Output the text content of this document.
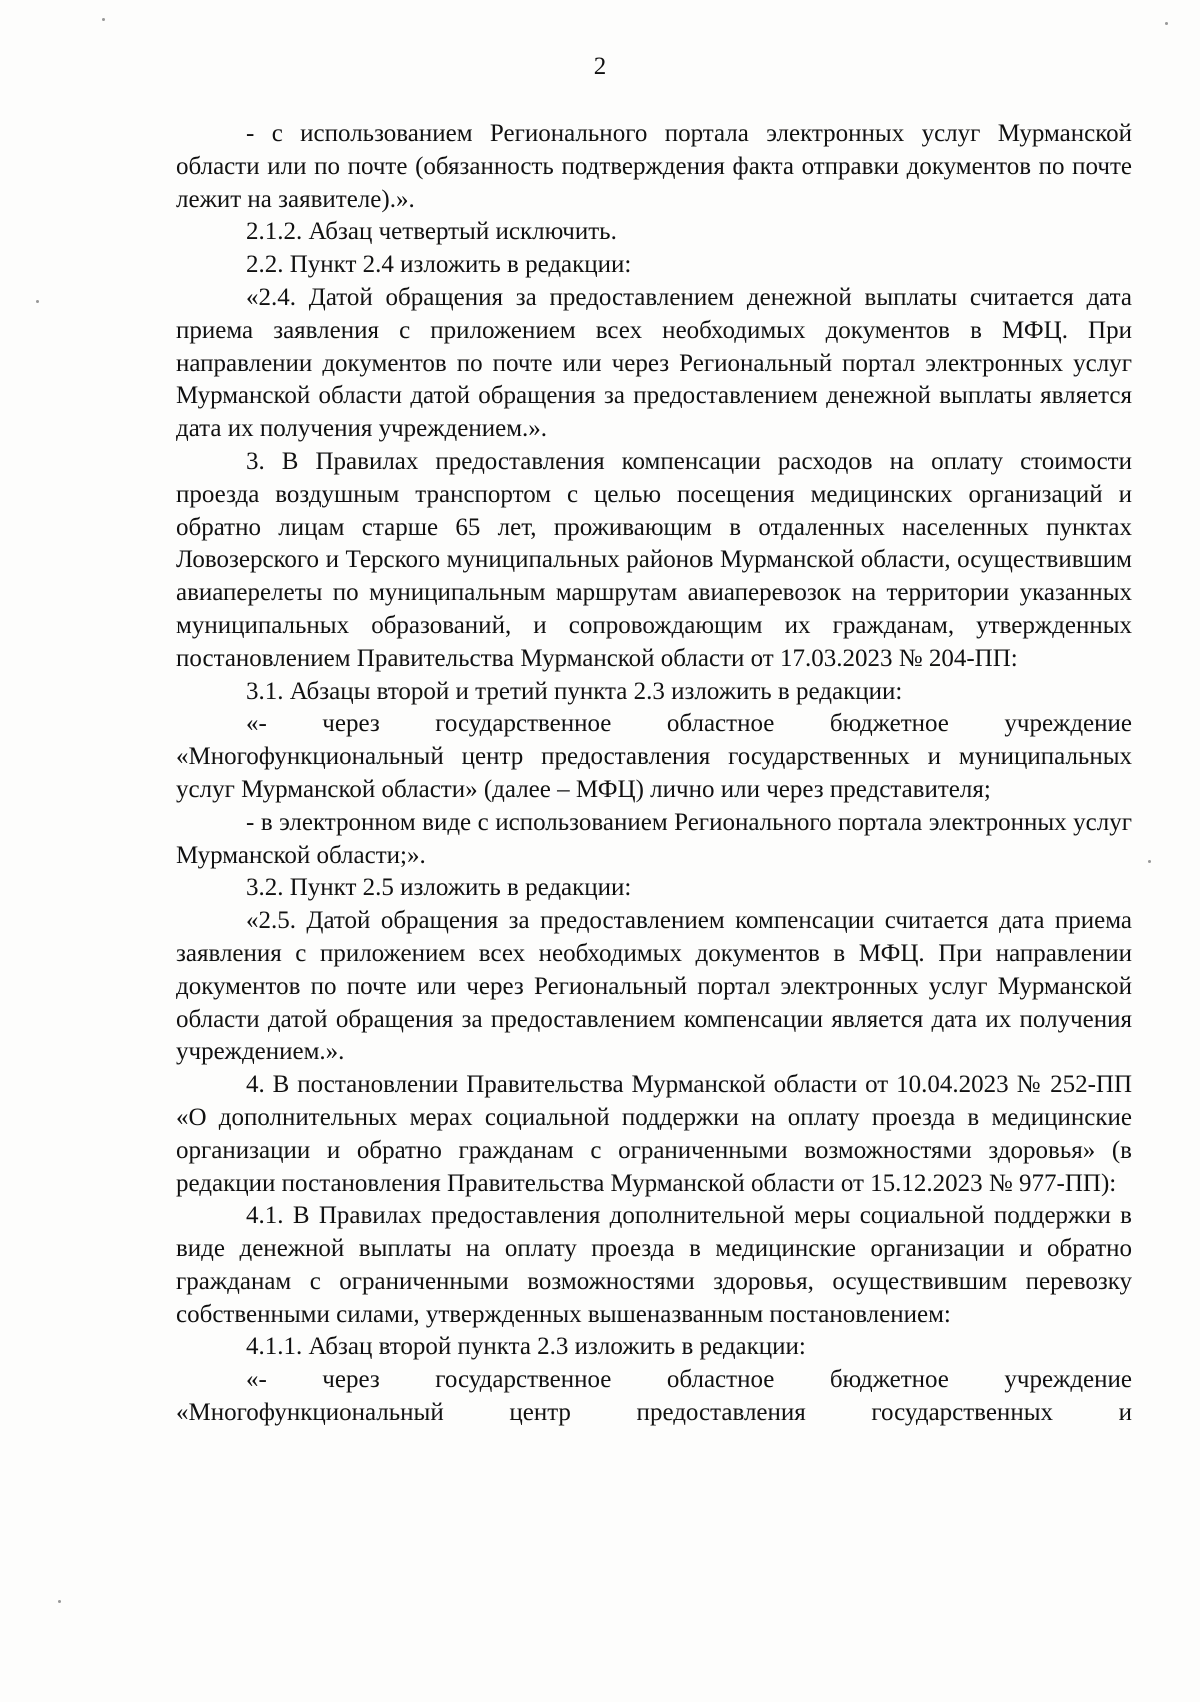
2

- с использованием Регионального портала электронных услуг Мурманской области или по почте (обязанность подтверждения факта отправки документов по почте лежит на заявителе).».

2.1.2. Абзац четвертый исключить.

2.2. Пункт 2.4 изложить в редакции:

«2.4. Датой обращения за предоставлением денежной выплаты считается дата приема заявления с приложением всех необходимых документов в МФЦ. При направлении документов по почте или через Региональный портал электронных услуг Мурманской области датой обращения за предоставлением денежной выплаты является дата их получения учреждением.».

3. В Правилах предоставления компенсации расходов на оплату стоимости проезда воздушным транспортом с целью посещения медицинских организаций и обратно лицам старше 65 лет, проживающим в отдаленных населенных пунктах Ловозерского и Терского муниципальных районов Мурманской области, осуществившим авиаперелеты по муниципальным маршрутам авиаперевозок на территории указанных муниципальных образований, и сопровождающим их гражданам, утвержденных постановлением Правительства Мурманской области от 17.03.2023 № 204-ПП:

3.1. Абзацы второй и третий пункта 2.3 изложить в редакции:

«- через государственное областное бюджетное учреждение «Многофункциональный центр предоставления государственных и муниципальных услуг Мурманской области» (далее – МФЦ) лично или через представителя;

- в электронном виде с использованием Регионального портала электронных услуг Мурманской области;».

3.2. Пункт 2.5 изложить в редакции:

«2.5. Датой обращения за предоставлением компенсации считается дата приема заявления с приложением всех необходимых документов в МФЦ. При направлении документов по почте или через Региональный портал электронных услуг Мурманской области датой обращения за предоставлением компенсации является дата их получения учреждением.».

4. В постановлении Правительства Мурманской области от 10.04.2023 № 252-ПП «О дополнительных мерах социальной поддержки на оплату проезда в медицинские организации и обратно гражданам с ограниченными возможностями здоровья» (в редакции постановления Правительства Мурманской области от 15.12.2023 № 977-ПП):

4.1. В Правилах предоставления дополнительной меры социальной поддержки в виде денежной выплаты на оплату проезда в медицинские организации и обратно гражданам с ограниченными возможностями здоровья, осуществившим перевозку собственными силами, утвержденных вышеназванным постановлением:

4.1.1. Абзац второй пункта 2.3 изложить в редакции:

«- через государственное областное бюджетное учреждение «Многофункциональный центр предоставления государственных и
